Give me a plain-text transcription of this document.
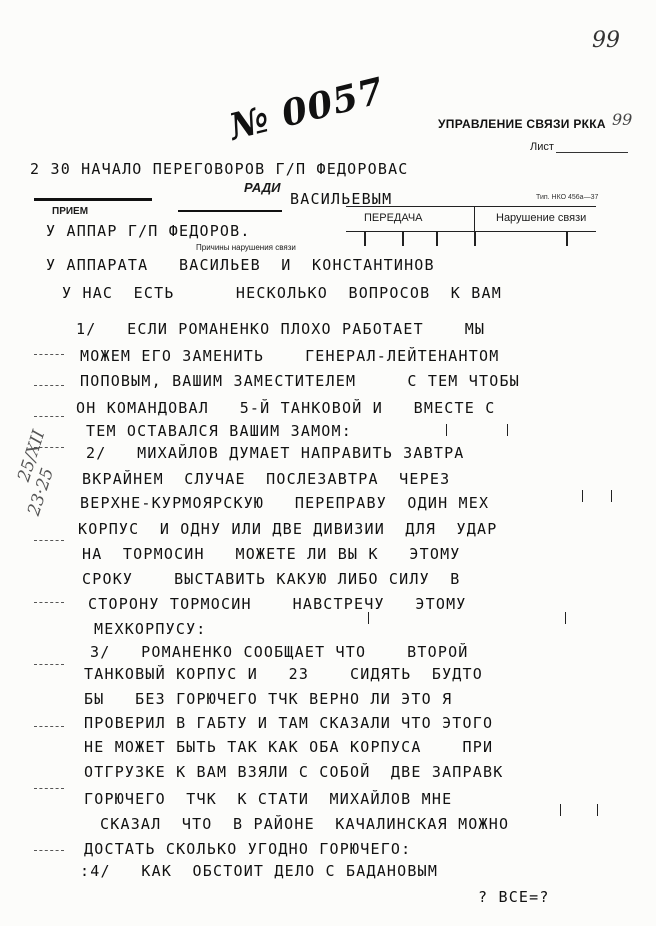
99
№ 0057	УПРАВЛЕНИЕ СВЯЗИ РККА 99
Лист
Тип. НКО 456а—37
ПРИЕМ
РАДИ
ПЕРЕДАЧА	Нарушение связи
Причины нарушения связи
25/XII
23·25
2 30 НАЧАЛО ПЕРЕГОВОРОВ Г/П ФЕДОРОВАС
ВАСИЛЬЕВЫМ
У АППАР Г/П ФЕДОРОВ.
У АППАРАТА   ВАСИЛЬЕВ  И  КОНСТАНТИНОВ
У НАС  ЕСТЬ      НЕСКОЛЬКО  ВОПРОСОВ  К ВАМ
1/   ЕСЛИ РОМАНЕНКО ПЛОХО РАБОТАЕТ    МЫ
МОЖЕМ ЕГО ЗАМЕНИТЬ    ГЕНЕРАЛ-ЛЕЙТЕНАНТОМ
ПОПОВЫМ, ВАШИМ ЗАМЕСТИТЕЛЕМ     С ТЕМ ЧТОБЫ
ОН КОМАНДОВАЛ   5-Й ТАНКОВОЙ И   ВМЕСТЕ С
ТЕМ ОСТАВАЛСЯ ВАШИМ ЗАМОМ:
2/   МИХАЙЛОВ ДУМАЕТ НАПРАВИТЬ ЗАВТРА
ВКРАЙНЕМ  СЛУЧАЕ  ПОСЛЕЗАВТРА  ЧЕРЕЗ
ВЕРХНЕ-КУРМОЯРСКУЮ   ПЕРЕПРАВУ  ОДИН МЕХ
КОРПУС  И ОДНУ ИЛИ ДВЕ ДИВИЗИИ  ДЛЯ  УДАР
НА  ТОРМОСИН   МОЖЕТЕ ЛИ ВЫ К   ЭТОМУ
СРОКУ    ВЫСТАВИТЬ КАКУЮ ЛИБО СИЛУ  В
СТОРОНУ ТОРМОСИН    НАВСТРЕЧУ   ЭТОМУ
МЕХКОРПУСУ:
3/   РОМАНЕНКО СООБЩАЕТ ЧТО    ВТОРОЙ
ТАНКОВЫЙ КОРПУС И   23    СИДЯТЬ  БУДТО
БЫ   БЕЗ ГОРЮЧЕГО ТЧК ВЕРНО ЛИ ЭТО Я
ПРОВЕРИЛ В ГАБТУ И ТАМ СКАЗАЛИ ЧТО ЭТОГО
НЕ МОЖЕТ БЫТЬ ТАК КАК ОБА КОРПУСА    ПРИ
ОТГРУЗКЕ К ВАМ ВЗЯЛИ С СОБОЙ  ДВЕ ЗАПРАВК
ГОРЮЧЕГО  ТЧК  К СТАТИ  МИХАЙЛОВ МНЕ
СКАЗАЛ  ЧТО  В РАЙОНЕ  КАЧАЛИНСКАЯ МОЖНО
ДОСТАТЬ СКОЛЬКО УГОДНО ГОРЮЧЕГО:
:4/   КАК  ОБСТОИТ ДЕЛО С БАДАНОВЫМ
? ВСЕ=?
